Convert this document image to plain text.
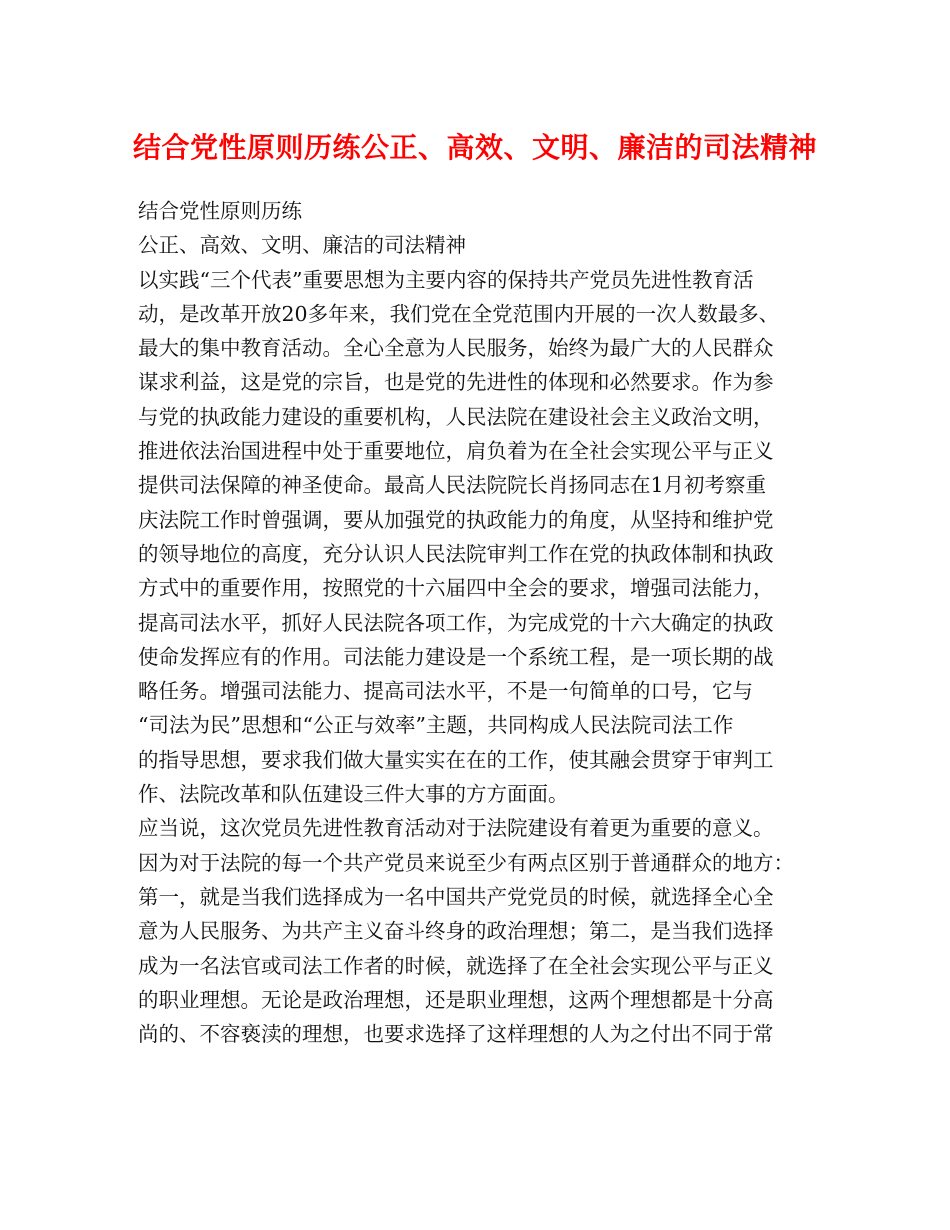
结合党性原则历练公正、高效、文明、廉洁的司法精神
结合党性原则历练
公正、高效、文明、廉洁的司法精神
以实践“三个代表”重要思想为主要内容的保持共产党员先进性教育活
动，是改革开放20多年来，我们党在全党范围内开展的一次人数最多、
最大的集中教育活动。全心全意为人民服务，始终为最广大的人民群众
谋求利益，这是党的宗旨，也是党的先进性的体现和必然要求。作为参
与党的执政能力建设的重要机构，人民法院在建设社会主义政治文明，
推进依法治国进程中处于重要地位，肩负着为在全社会实现公平与正义
提供司法保障的神圣使命。最高人民法院院长肖扬同志在1月初考察重
庆法院工作时曾强调，要从加强党的执政能力的角度，从坚持和维护党
的领导地位的高度，充分认识人民法院审判工作在党的执政体制和执政
方式中的重要作用，按照党的十六届四中全会的要求，增强司法能力，
提高司法水平，抓好人民法院各项工作，为完成党的十六大确定的执政
使命发挥应有的作用。司法能力建设是一个系统工程，是一项长期的战
略任务。增强司法能力、提高司法水平，不是一句简单的口号，它与
“司法为民”思想和“公正与效率”主题，共同构成人民法院司法工作
的指导思想，要求我们做大量实实在在的工作，使其融会贯穿于审判工
作、法院改革和队伍建设三件大事的方方面面。
应当说，这次党员先进性教育活动对于法院建设有着更为重要的意义。
因为对于法院的每一个共产党员来说至少有两点区别于普通群众的地方：
第一，就是当我们选择成为一名中国共产党党员的时候，就选择全心全
意为人民服务、为共产主义奋斗终身的政治理想；第二，是当我们选择
成为一名法官或司法工作者的时候，就选择了在全社会实现公平与正义
的职业理想。无论是政治理想，还是职业理想，这两个理想都是十分高
尚的、不容亵渎的理想，也要求选择了这样理想的人为之付出不同于常
